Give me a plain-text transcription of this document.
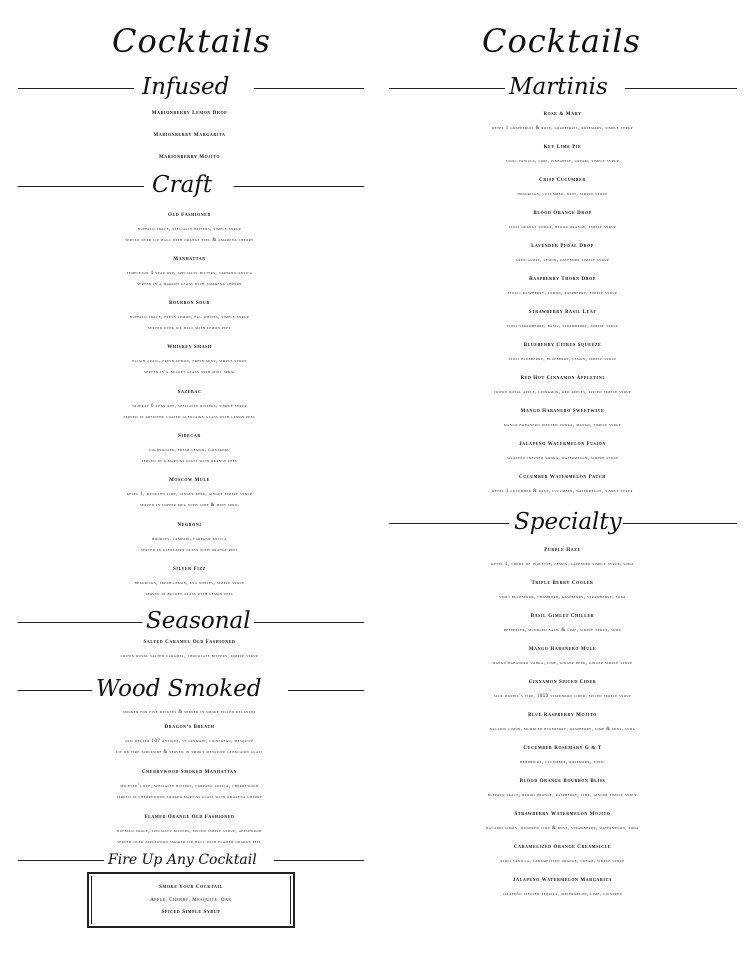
Cocktails
Infused
Marionberry Lemon Drop
Marionberry Margarita
Marionberry Mojito
Craft
Old Fashioned
buffalo trace, specialty bitters, simple syrup
served over ice ball with orange peel & amarena cherry
Manhattan
templeton 4 year rye, specialty bitters, carpano antica
served in a martini glass with amarena cherry
Bourbon Sour
buffalo trace, fresh lemon, egg whites, simple syrup
served over ice ball with lemon peel
Whiskey Smash
elijah craig, fresh lemon, fresh mint, simple syrup
served in a bucket glass with mint sprig
Sazerac
sazerac 6 year rye, specialty bitters, simple syrup
served in absinthe coated glencairn glass with lemon peel
Sidecar
courvoisier, fresh lemon, cointreau
served in a martini glass with orange peel
Moscow Mule
ketel 1, muddled lime, ginger beer, ginger simple syrup
served in copper mug with lime & mint sprig
Negroni
boodles, campari, carpano antica
served in glencairn glass with orange peel
Silver Fizz
hendricks, fresh lemon, egg whites, simple syrup
served in bucket glass with lemon peel
Seasonal
Salted Caramel Old Fashioned
crown royal salted caramel, chocolate bitters, simple syrup
Wood Smoked
smoked for five minutes & served in smoke filled decanter
Dragon’s Breath
old weller 107 antique, st germain, cointreau, mesquite
lit on fire tableside & served in smoky mesquite glencairn glass
Cherrywood Smoked Manhattan
michter’s rye, specialty bitters, carpano antica, cherrywood
served in cherrywood smoked martini glass with amarena cherry
Flamed Orange Old Fashioned
buffalo trace, specialty bitters, spiced simple syrup, applewood
served over applewood smoked ice ball with flamed orange peel
Fire Up Any Cocktail
Smoke Your Cocktail
Apple, Cherry, Mesquite, Oak
Spiced Simple Syrup
Cocktails
Martinis
Rose & Mary
ketel 1 grapefruit & rose, grapefruit, rosemary, simple syrup
Key Lime Pie
stoli vanilla, lime, pineapple, cream, simple syrup
Crisp Cucumber
hendricks, cucumber, mint, simple syrup
Blood Orange Drop
stoli orange vodka, blood orange, simple syrup
Lavender Pedal Drop
grey goose, lemon, lavender simple syrup
Raspberry Thorn Drop
stolli raspberry, lemon, raspberry, simple syrup
Strawberry Basil Leaf
stoli strawberry, basil, strawberry, simple syrup
Blueberry Citrus Squeeze
stoli blueberry, blueberry, lemon, simple syrup
Red Hot Cinnamon Appletini
crown royal apple, cinnamon, red apples, spiced simple syrup
Mango Habanero Sweetwave
mango habanero infused vodka, mango, simple syrup
Jalapeño Watermelon Fusion
jalapeño infused vodka, watermelon, simple syrup
Cucumber Watermelon Patch
ketel 1 cucumber & mint, cucumber, watermelon, simple syrup
Specialty
Purple Haze
ketel 1, crème de violette, lemon, lavender simple syrup, soda
Triple Berry Cooler
stoli blueberry, chambord, raspberry, strawberry, soda
Basil Gimlet Chiller
beefeater, muddled basil & lime, simple syrup, soda
Mango Habanero Mule
mango habanero vodka, lime, ginger beer, ginger simple syrup
Cinnamon Spiced Cider
jack daniel’s fire, 1859 statehood cider, spiced simple syrup
Blue Raspberry Mojito
bacardi limón, muddled blueberry, raspberry, lime & mint, soda
Cucumber Rosemary G & T
hendricks, cucumber, rosemary, tonic
Blood Orange Bourbon Bliss
buffalo trace, blood orange, raspberry, lime, ginger simple syrup
Strawberry Watermelon Mojito
bacardi limón, muddled lime & mint, strawberry, watermelon, soda
Caramelized Orange Creamsicle
stoli vanilla, caramelized orange, cream, simple syrup
Jalapeño Watermelon Margarita
jalapeño infused tequila, watermelon, lime, cointreu
